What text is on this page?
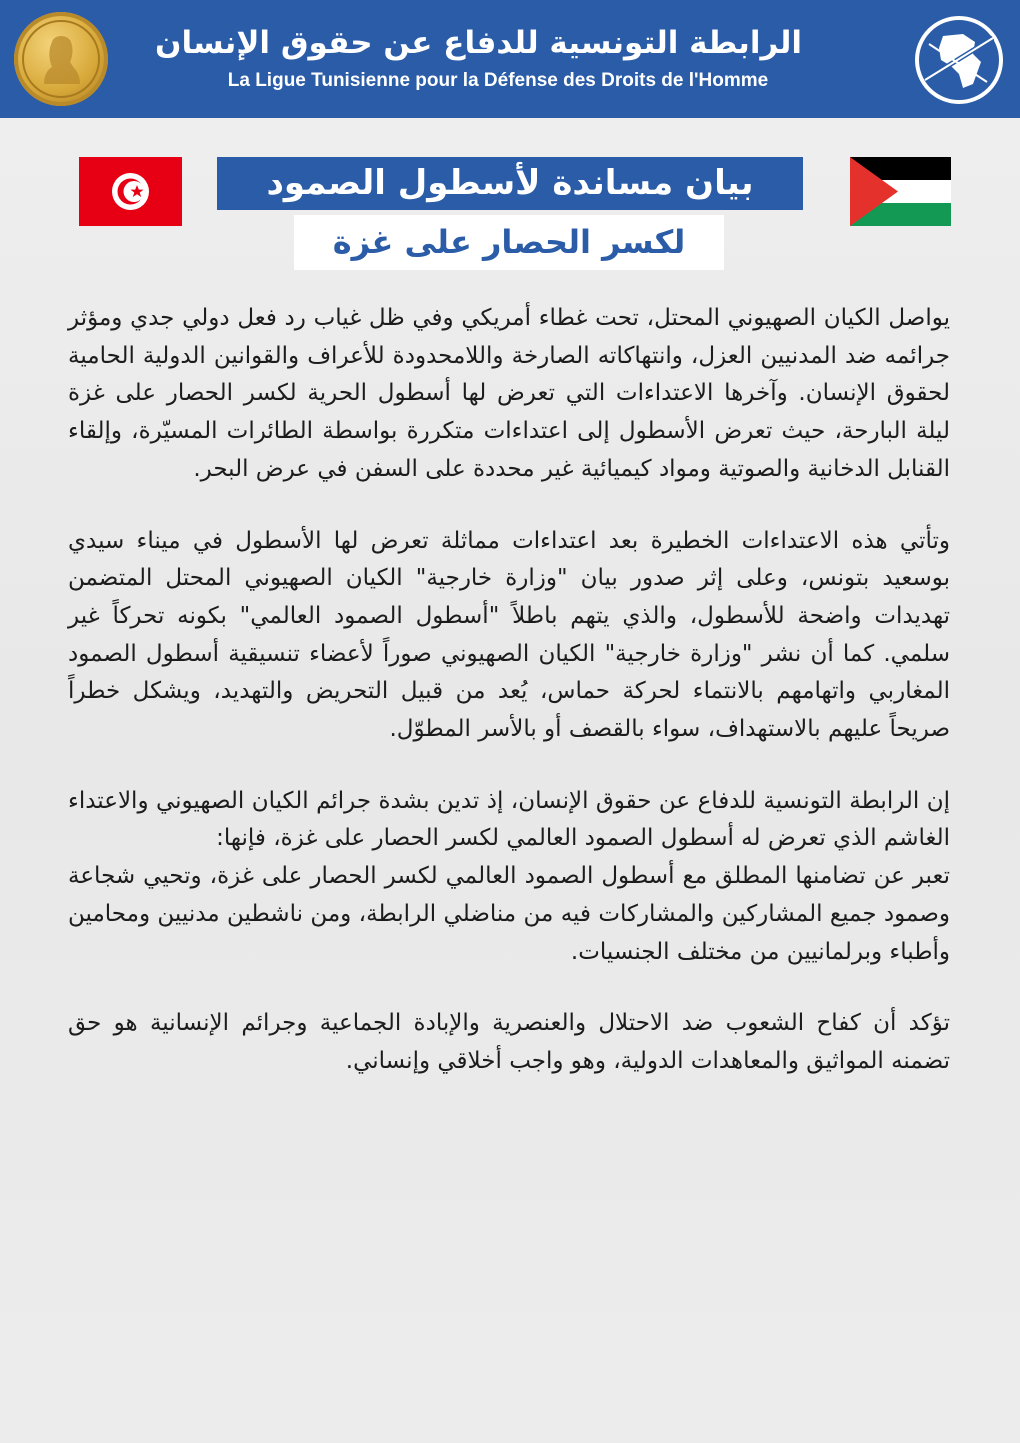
الرابطة التونسية للدفاع عن حقوق الإنسان
La Ligue Tunisienne pour la Défense des Droits de l'Homme
بيان مساندة لأسطول الصمود
لكسر الحصار على غزة

يواصل الكيان الصهيوني المحتل، تحت غطاء أمريكي وفي ظل غياب رد فعل دولي جدي ومؤثر جرائمه ضد المدنيين العزل، وانتهاكاته الصارخة واللامحدودة للأعراف والقوانين الدولية الحامية لحقوق الإنسان. وآخرها الاعتداءات التي تعرض لها أسطول الحرية لكسر الحصار على غزة ليلة البارحة، حيث تعرض الأسطول إلى اعتداءات متكررة بواسطة الطائرات المسيّرة، وإلقاء القنابل الدخانية والصوتية ومواد كيميائية غير محددة على السفن في عرض البحر.

وتأتي هذه الاعتداءات الخطيرة بعد اعتداءات مماثلة تعرض لها الأسطول في ميناء سيدي بوسعيد بتونس، وعلى إثر صدور بيان "وزارة خارجية" الكيان الصهيوني المحتل المتضمن تهديدات واضحة للأسطول، والذي يتهم باطلاً "أسطول الصمود العالمي" بكونه تحركاً غير سلمي. كما أن نشر "وزارة خارجية" الكيان الصهيوني صوراً لأعضاء تنسيقية أسطول الصمود المغاربي واتهامهم بالانتماء لحركة حماس، يُعد من قبيل التحريض والتهديد، ويشكل خطراً صريحاً عليهم بالاستهداف، سواء بالقصف أو بالأسر المطوّل.

إن الرابطة التونسية للدفاع عن حقوق الإنسان، إذ تدين بشدة جرائم الكيان الصهيوني والاعتداء الغاشم الذي تعرض له أسطول الصمود العالمي لكسر الحصار على غزة، فإنها:

تعبر عن تضامنها المطلق مع أسطول الصمود العالمي لكسر الحصار على غزة، وتحيي شجاعة وصمود جميع المشاركين والمشاركات فيه من مناضلي الرابطة، ومن ناشطين مدنيين ومحامين وأطباء وبرلمانيين من مختلف الجنسيات.

تؤكد أن كفاح الشعوب ضد الاحتلال والعنصرية والإبادة الجماعية وجرائم الإنسانية هو حق تضمنه المواثيق والمعاهدات الدولية، وهو واجب أخلاقي وإنساني.
